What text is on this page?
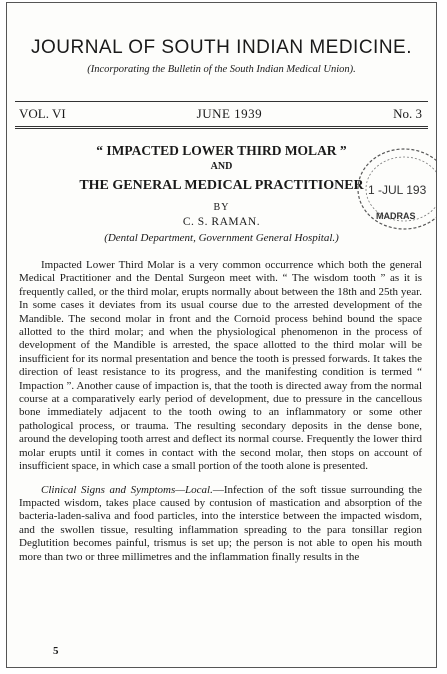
JOURNAL OF SOUTH INDIAN MEDICINE.
(Incorporating the Bulletin of the South Indian Medical Union).
VOL. VI	JUNE 1939	No. 3
“ IMPACTED LOWER THIRD MOLAR ”
AND
THE GENERAL MEDICAL PRACTITIONER
BY
C. S. RAMAN.
(Dental Department, Government General Hospital.)

Impacted Lower Third Molar is a very common occurrence which both the general Medical Practitioner and the Dental Surgeon meet with. “ The wisdom tooth ” as it is frequently called, or the third molar, erupts normally about between the 18th and 25th year. In some cases it deviates from its usual course due to the arrested development of the Mandible. The second molar in front and the Cornoid process behind bound the space allotted to the third molar; and when the physiological phenomenon in the process of development of the Mandible is arrested, the space allotted to the third molar will be insufficient for its normal presentation and bence the tooth is pressed forwards. It takes the direction of least resistance to its progress, and the manifesting condition is termed “ Impaction ”. Another cause of impaction is, that the tooth is directed away from the normal course at a comparatively early period of development, due to pressure in the cancellous bone immediately adjacent to the tooth owing to an inflammatory or some other pathological process, or trauma. The resulting secondary deposits in the dense bone, around the developing tooth arrest and deflect its normal course. Frequently the lower third molar erupts until it comes in contact with the second molar, then stops on account of insufficient space, in which case a small portion of the tooth alone is presented.

Clinical Signs and Symptoms—Local.—Infection of the soft tissue surrounding the Impacted wisdom, takes place caused by contusion of mastication and absorption of the bacteria-laden-saliva and food particles, into the interstice between the impacted wisdom, and the swollen tissue, resulting inflammation spreading to the para tonsillar region Deglutition becomes painful, trismus is set up; the person is not able to open his mouth more than two or three millimetres and the inflammation finally results in the

5
1 -JUL 193
MADRAS
